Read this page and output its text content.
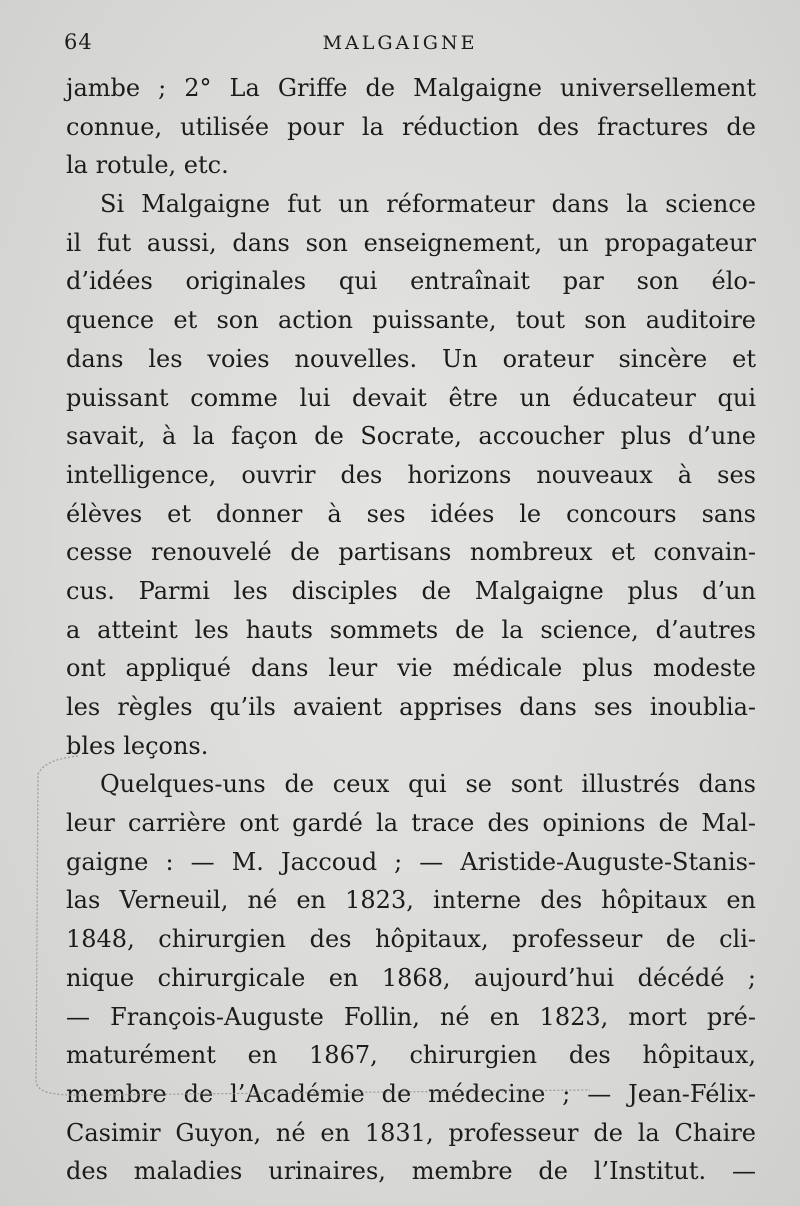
64	MALGAIGNE
jambe ; 2° La Griffe de Malgaigne universellement
connue, utilisée pour la réduction des fractures de
la rotule, etc.
Si Malgaigne fut un réformateur dans la science
il fut aussi, dans son enseignement, un propagateur
d’idées originales qui entraînait par son élo-
quence et son action puissante, tout son auditoire
dans les voies nouvelles. Un orateur sincère et
puissant comme lui devait être un éducateur qui
savait, à la façon de Socrate, accoucher plus d’une
intelligence, ouvrir des horizons nouveaux à ses
élèves et donner à ses idées le concours sans
cesse renouvelé de partisans nombreux et convain-
cus. Parmi les disciples de Malgaigne plus d’un
a atteint les hauts sommets de la science, d’autres
ont appliqué dans leur vie médicale plus modeste
les règles qu’ils avaient apprises dans ses inoublia-
bles leçons.
Quelques-uns de ceux qui se sont illustrés dans
leur carrière ont gardé la trace des opinions de Mal-
gaigne : — M. Jaccoud ; — Aristide-Auguste-Stanis-
las Verneuil, né en 1823, interne des hôpitaux en
1848, chirurgien des hôpitaux, professeur de cli-
nique chirurgicale en 1868, aujourd’hui décédé ;
— François-Auguste Follin, né en 1823, mort pré-
maturément en 1867, chirurgien des hôpitaux,
membre de l’Académie de médecine ; — Jean-Félix-
Casimir Guyon, né en 1831, professeur de la Chaire
des maladies urinaires, membre de l’Institut. —
